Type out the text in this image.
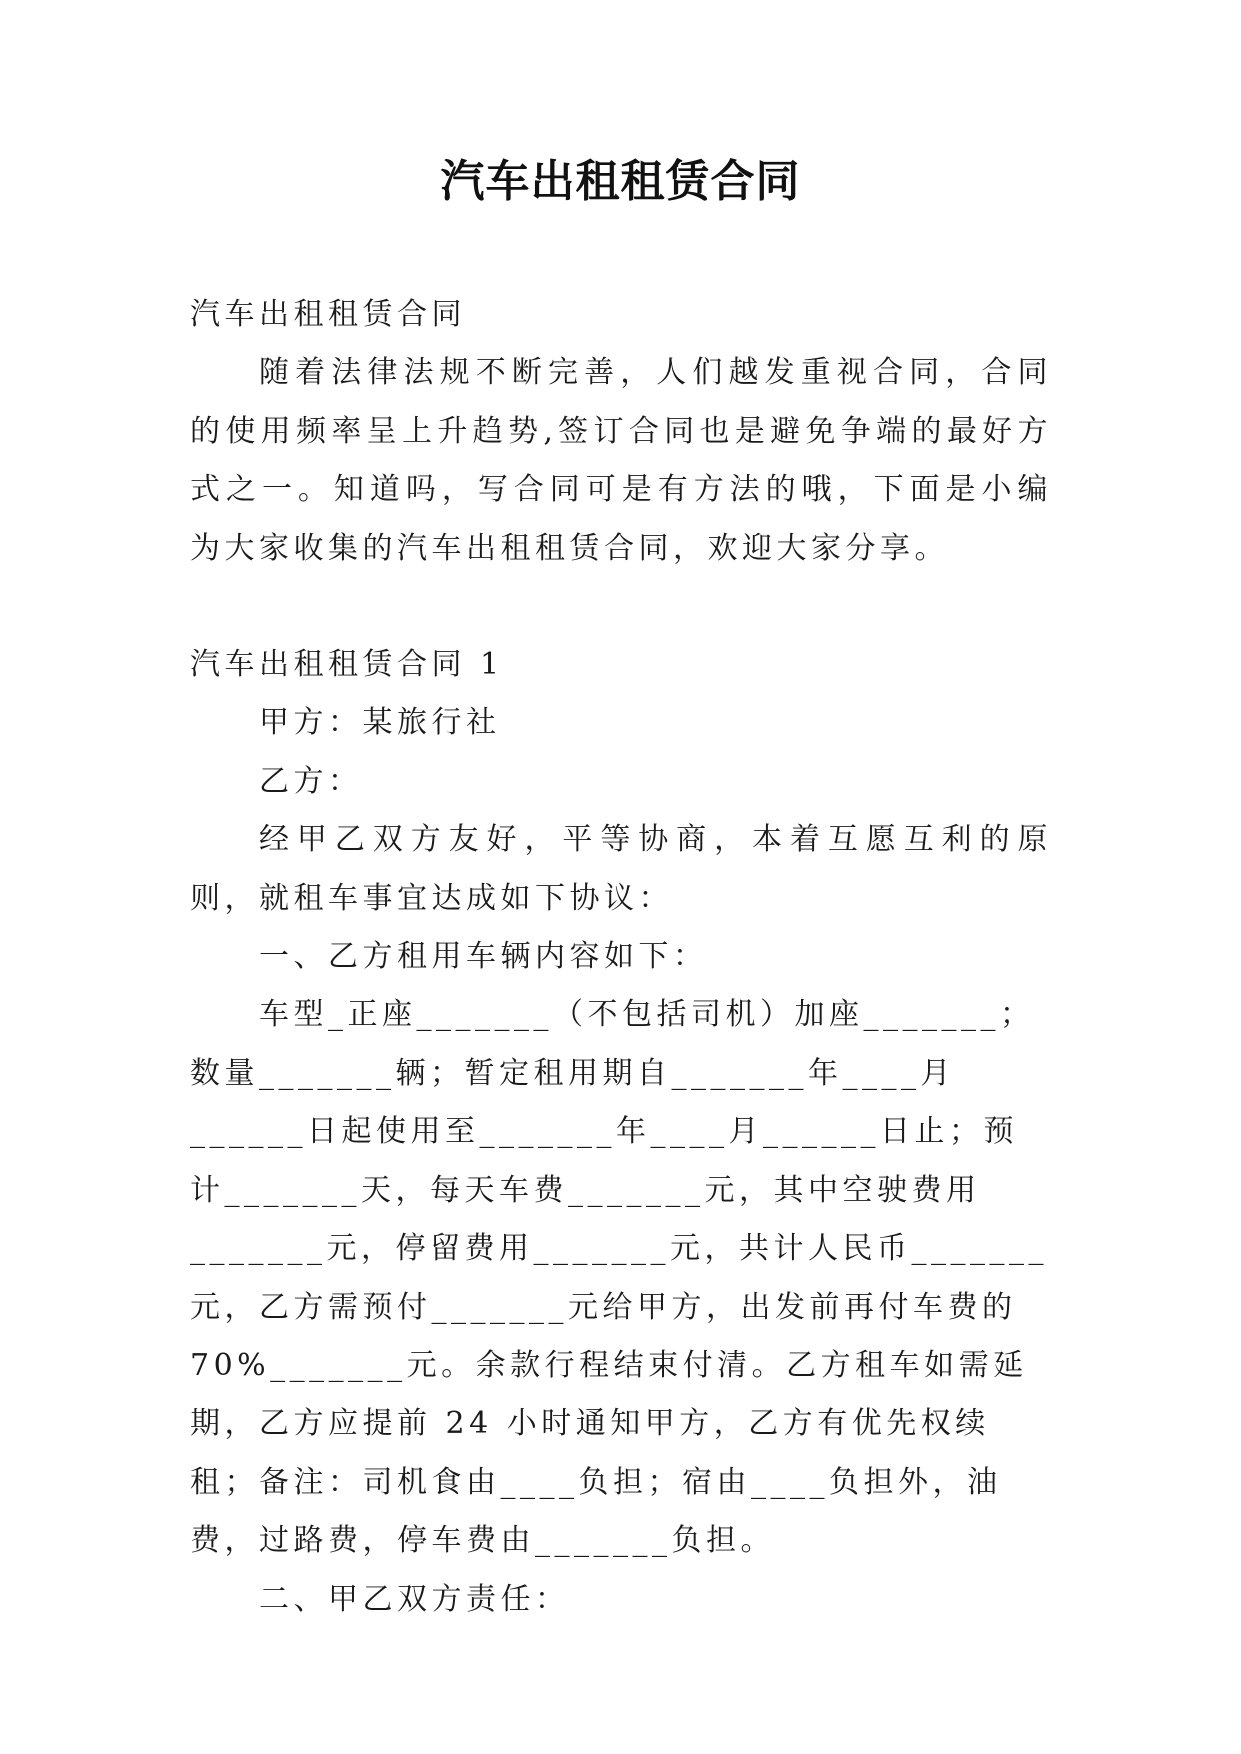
汽车出租租赁合同

汽车出租租赁合同

随着法律法规不断完善，人们越发重视合同，合同的使用频率呈上升趋势,签订合同也是避免争端的最好方式之一。知道吗，写合同可是有方法的哦，下面是小编为大家收集的汽车出租租赁合同，欢迎大家分享。

汽车出租租赁合同 1

甲方：某旅行社

乙方：

经甲乙双方友好，平等协商，本着互愿互利的原则，就租车事宜达成如下协议：

一、乙方租用车辆内容如下：

车型_正座_______（不包括司机）加座_______；数量_______辆；暂定租用期自_______年____月______日起使用至_______年____月______日止；预计_______天，每天车费_______元，其中空驶费用_______元，停留费用_______元，共计人民币_______元，乙方需预付_______元给甲方，出发前再付车费的 70%_______元。余款行程结束付清。乙方租车如需延期，乙方应提前 24 小时通知甲方，乙方有优先权续租；备注：司机食由____负担；宿由____负担外，油费，过路费，停车费由_______负担。

二、甲乙双方责任：
